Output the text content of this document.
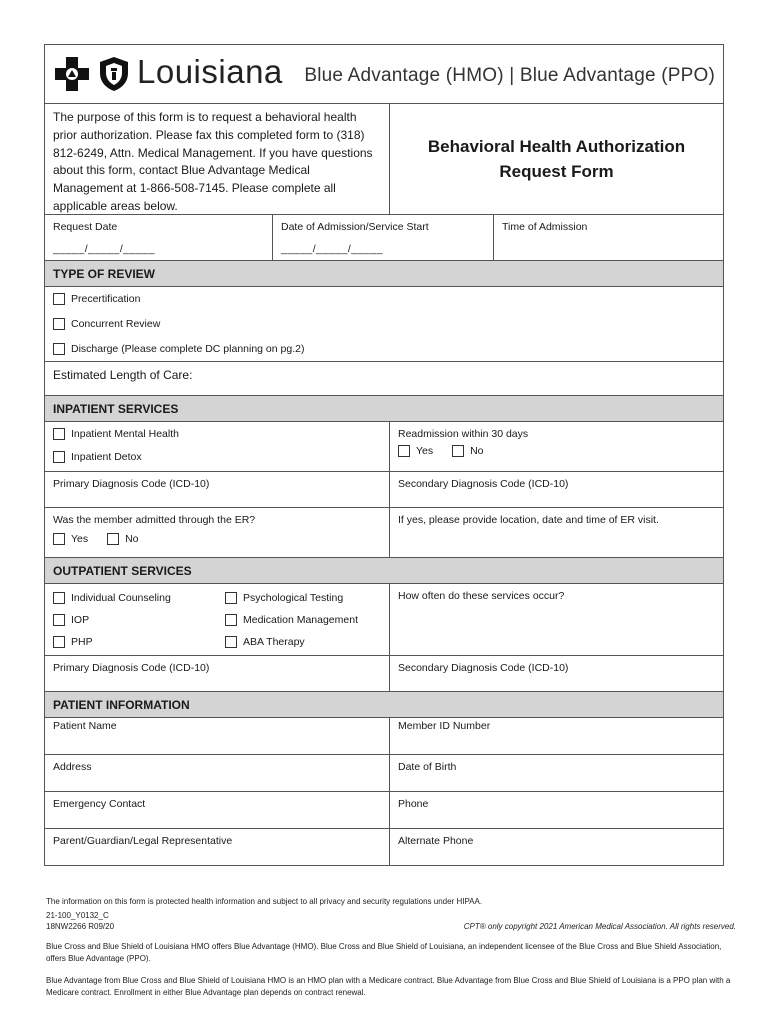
Louisiana Blue Advantage (HMO) | Blue Advantage (PPO)
The purpose of this form is to request a behavioral health prior authorization. Please fax this completed form to (318) 812-6249, Attn. Medical Management. If you have questions about this form, contact Blue Advantage Medical Management at 1-866-508-7145. Please complete all applicable areas below.
Behavioral Health Authorization
Request Form
Request Date
_____/_____/_____
Date of Admission/Service Start
_____/_____/_____
Time of Admission
TYPE OF REVIEW
Precertification

Concurrent Review

Discharge (Please complete DC planning on pg.2)
Estimated Length of Care:
INPATIENT SERVICES
Inpatient Mental Health

Inpatient Detox
Readmission within 30 days
Yes
	No
Primary Diagnosis Code (ICD-10)	Secondary Diagnosis Code (ICD-10)
Was the member admitted through the ER?
Yes
	No
If yes, please provide location, date and time of ER visit.
OUTPATIENT SERVICES
Individual Counseling	Psychological Testing
IOP	Medication Management
PHP	ABA Therapy
How often do these services occur?
Primary Diagnosis Code (ICD-10)	Secondary Diagnosis Code (ICD-10)
PATIENT INFORMATION
Patient Name	Member ID Number
Address	Date of Birth
Emergency Contact	Phone
Parent/Guardian/Legal Representative	Alternate Phone
The information on this form is protected health information and subject to all privacy and security regulations under HIPAA.
21-100_Y0132_C
18NW2266 R09/20	CPT® only copyright 2021 American Medical Association. All rights reserved.
Blue Cross and Blue Shield of Louisiana HMO offers Blue Advantage (HMO). Blue Cross and Blue Shield of Louisiana, an independent licensee of the Blue Cross and Blue Shield Association, offers Blue Advantage (PPO).
Blue Advantage from Blue Cross and Blue Shield of Louisiana HMO is an HMO plan with a Medicare contract. Blue Advantage from Blue Cross and Blue Shield of Louisiana is a PPO plan with a Medicare contract. Enrollment in either Blue Advantage plan depends on contract renewal.
